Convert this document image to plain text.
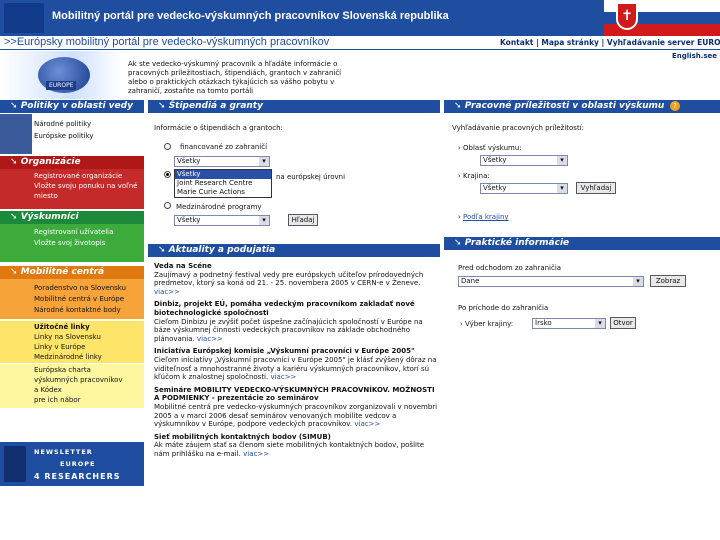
Mobilitný portál pre vedecko-výskumných pracovníkov Slovenská republika	✝
>>Európsky mobilitný portál pre vedecko-výskumných pracovníkov	Kontakt | Mapa stránky | Vyhľadávanie server EURO
English.see
EUROPE
Ak ste vedecko-výskumný pracovník a hľadáte informácie o pracovných príležitostiach, štipendiách, grantoch v zahraničí alebo o praktických otázkach týkajúcich sa vášho pobytu v zahraničí, zostaňte na tomto portáli
➘ Politiky v oblasti vedy
Národné politiky
Európske politiky
➘ Organizácie
Registrované organizácie
Vložte svoju ponuku na voľné
miesto
➘ Výskumníci
Registrovaní užívatelia
Vložte svoj životopis
➘ Mobilitné centrá
Poradenstvo na Slovensku
Mobilitné centrá v Európe
Národné kontaktné body
Užitočné linky
Linky na Slovensku
Linky v Európe
Medzinárodné linky
Európska charta
výskumných pracovníkov
a Kódex
pre ich nábor
NEWSLETTER
EUROPE
4 RESEARCHERS
➘ Štipendiá a granty
Informácie o štipendiách a grantoch:
financované zo zahraničí
Všetky ▾
na európskej úrovni
Všetky
Joint Research Centre
Marie Curie Actions
Medzinárodné programy
Všetky ▾	Hľadaj
➘ Pracovné príležitosti v oblasti výskumu	?
Vyhľadávanie pracovných príležitostí:
› Oblasť výskumu:
Všetky ▾
› Krajina:
Všetky ▾	Vyhľadaj
› Podľa krajiny
➘ Aktuality a podujatia

Veda na Scéne
Zaujímavý a podnetný festival vedy pre európskych učiteľov prírodovedných predmetov, ktorý sa koná od 21. - 25. novembera 2005 v CERN-e v Ženeve. viac>>

Dinbiz, projekt EÚ, pomáha vedeckým pracovníkom zakladať nové biotechnologické spoločnosti
Cieľom Dinbizu je zvýšiť počet úspešne začínajúcich spoločností v Európe na báze výskumnej činnosti vedeckých pracovníkov na základe obchodného plánovania. viac>>

Iniciatíva Európskej komisie „Výskumní pracovníci v Európe 2005"
Cieľom iniciatívy „Výskumní pracovníci v Európe 2005" je klásť zvýšený dôraz na viditeľnosť a mnohostranné životy a kariéru výskumných pracovníkov, ktorí sú kľúčom k znalostnej spoločnosti. viac>>

Semináre MOBILITY VEDECKO-VÝSKUMNÝCH PRACOVNÍKOV. MOŽNOSTI A PODMIENKY - prezentácie zo seminárov
Mobilitné centrá pre vedecko-výskumných pracovníkov zorganizovali v novembri 2005 a v marci 2006 desať seminárov venovaných mobilite vedcov a výskumníkov v Európe, podpore vedeckých pracovníkov. viac>>

Sieť mobilitných kontaktných bodov (SIMUB)
Ak máte záujem stať sa členom siete mobilitných kontaktných bodov, pošlite nám prihlášku na e-mail. viac>>

➘ Praktické informácie
Pred odchodom zo zahraničia
Dane ▾	Zobraz
Po príchode do zahraničia
› Výber krajiny:	Írsko ▾	Otvor
